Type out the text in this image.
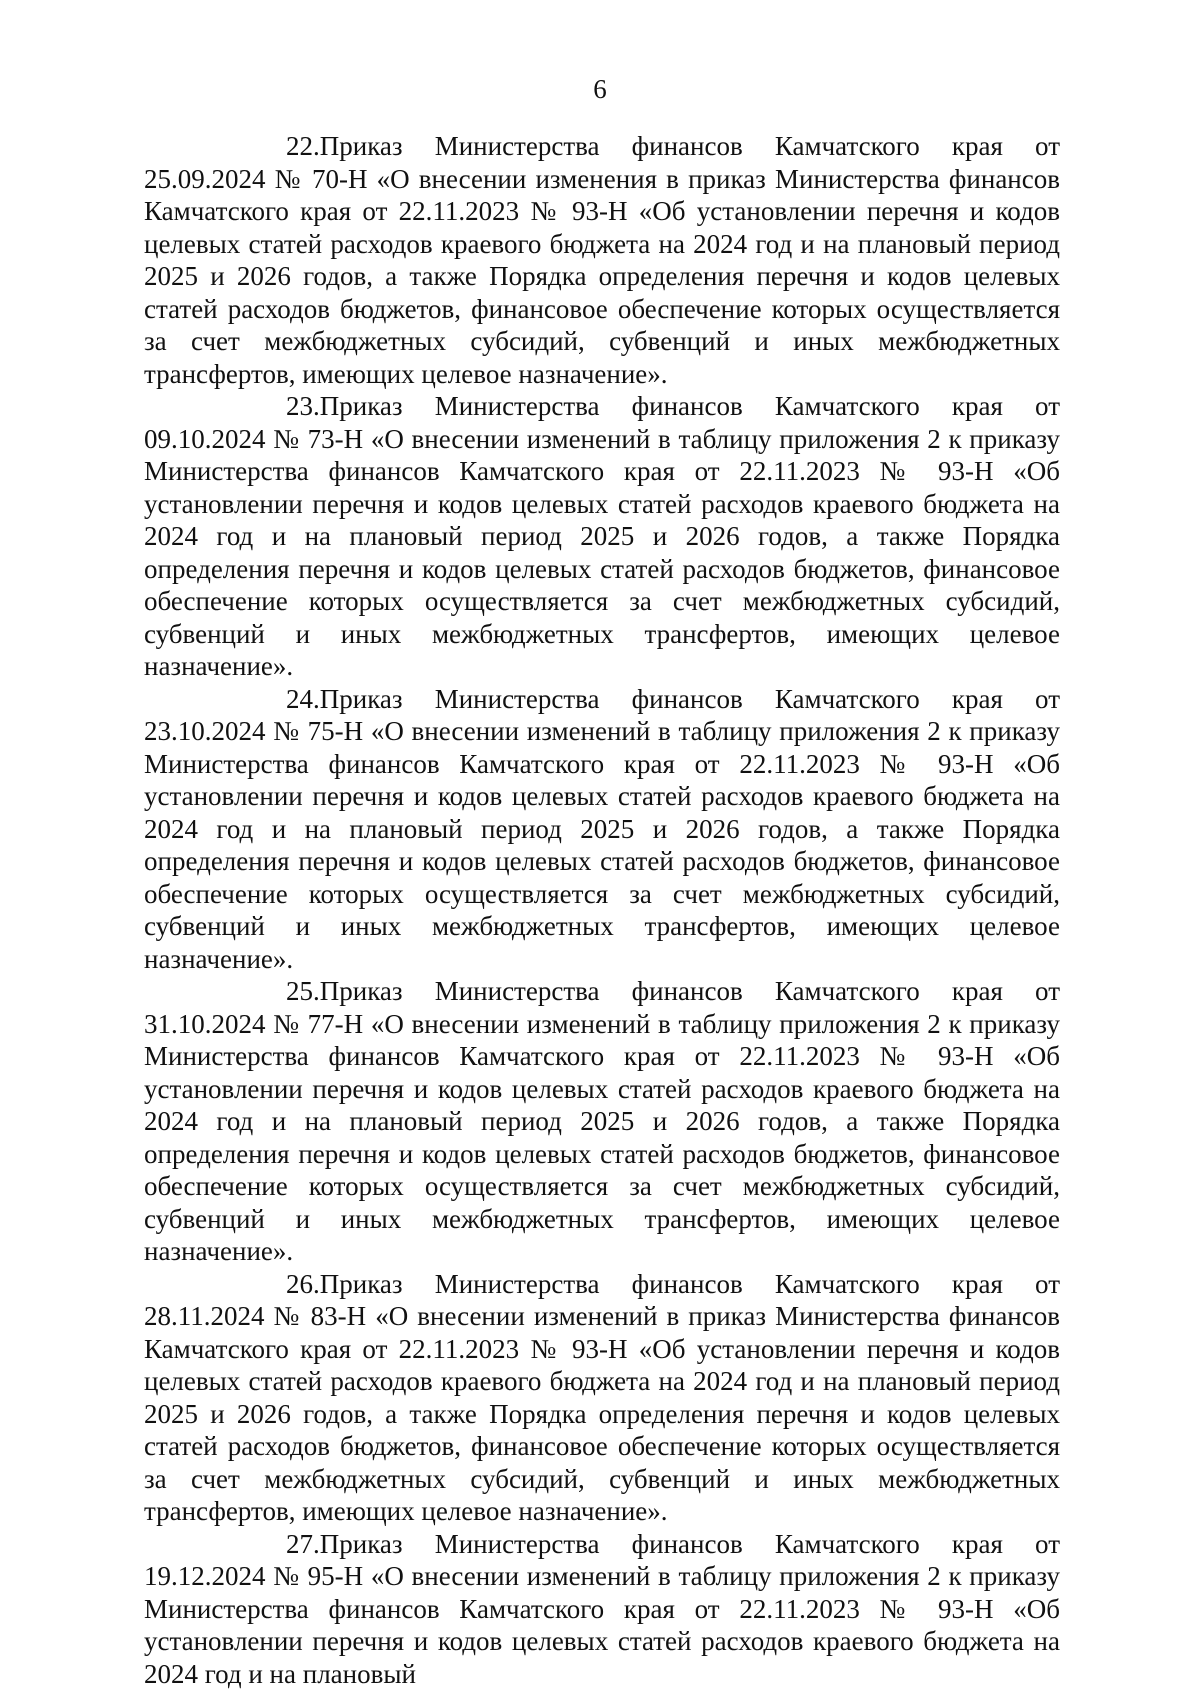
6

22.Приказ Министерства финансов Камчатского края от 25.09.2024 № 70-Н «О внесении изменения в приказ Министерства финансов Камчатского края от 22.11.2023 № 93-Н «Об установлении перечня и кодов целевых статей расходов краевого бюджета на 2024 год и на плановый период 2025 и 2026 годов, а также Порядка определения перечня и кодов целевых статей расходов бюджетов, финансовое обеспечение которых осуществляется за счет межбюджетных субсидий, субвенций и иных межбюджетных трансфертов, имеющих целевое назначение».

23.Приказ Министерства финансов Камчатского края от 09.10.2024 № 73-Н «О внесении изменений в таблицу приложения 2 к приказу Министерства финансов Камчатского края от 22.11.2023 № 93-Н «Об установлении перечня и кодов целевых статей расходов краевого бюджета на 2024 год и на плановый период 2025 и 2026 годов, а также Порядка определения перечня и кодов целевых статей расходов бюджетов, финансовое обеспечение которых осуществляется за счет межбюджетных субсидий, субвенций и иных межбюджетных трансфертов, имеющих целевое назначение».

24.Приказ Министерства финансов Камчатского края от 23.10.2024 № 75-Н «О внесении изменений в таблицу приложения 2 к приказу Министерства финансов Камчатского края от 22.11.2023 № 93-Н «Об установлении перечня и кодов целевых статей расходов краевого бюджета на 2024 год и на плановый период 2025 и 2026 годов, а также Порядка определения перечня и кодов целевых статей расходов бюджетов, финансовое обеспечение которых осуществляется за счет межбюджетных субсидий, субвенций и иных межбюджетных трансфертов, имеющих целевое назначение».

25.Приказ Министерства финансов Камчатского края от 31.10.2024 № 77-Н «О внесении изменений в таблицу приложения 2 к приказу Министерства финансов Камчатского края от 22.11.2023 № 93-Н «Об установлении перечня и кодов целевых статей расходов краевого бюджета на 2024 год и на плановый период 2025 и 2026 годов, а также Порядка определения перечня и кодов целевых статей расходов бюджетов, финансовое обеспечение которых осуществляется за счет межбюджетных субсидий, субвенций и иных межбюджетных трансфертов, имеющих целевое назначение».

26.Приказ Министерства финансов Камчатского края от 28.11.2024 № 83-Н «О внесении изменений в приказ Министерства финансов Камчатского края от 22.11.2023 № 93-Н «Об установлении перечня и кодов целевых статей расходов краевого бюджета на 2024 год и на плановый период 2025 и 2026 годов, а также Порядка определения перечня и кодов целевых статей расходов бюджетов, финансовое обеспечение которых осуществляется за счет межбюджетных субсидий, субвенций и иных межбюджетных трансфертов, имеющих целевое назначение».

27.Приказ Министерства финансов Камчатского края от 19.12.2024 № 95-Н «О внесении изменений в таблицу приложения 2 к приказу Министерства финансов Камчатского края от 22.11.2023 № 93-Н «Об установлении перечня и кодов целевых статей расходов краевого бюджета на 2024 год и на плановый
